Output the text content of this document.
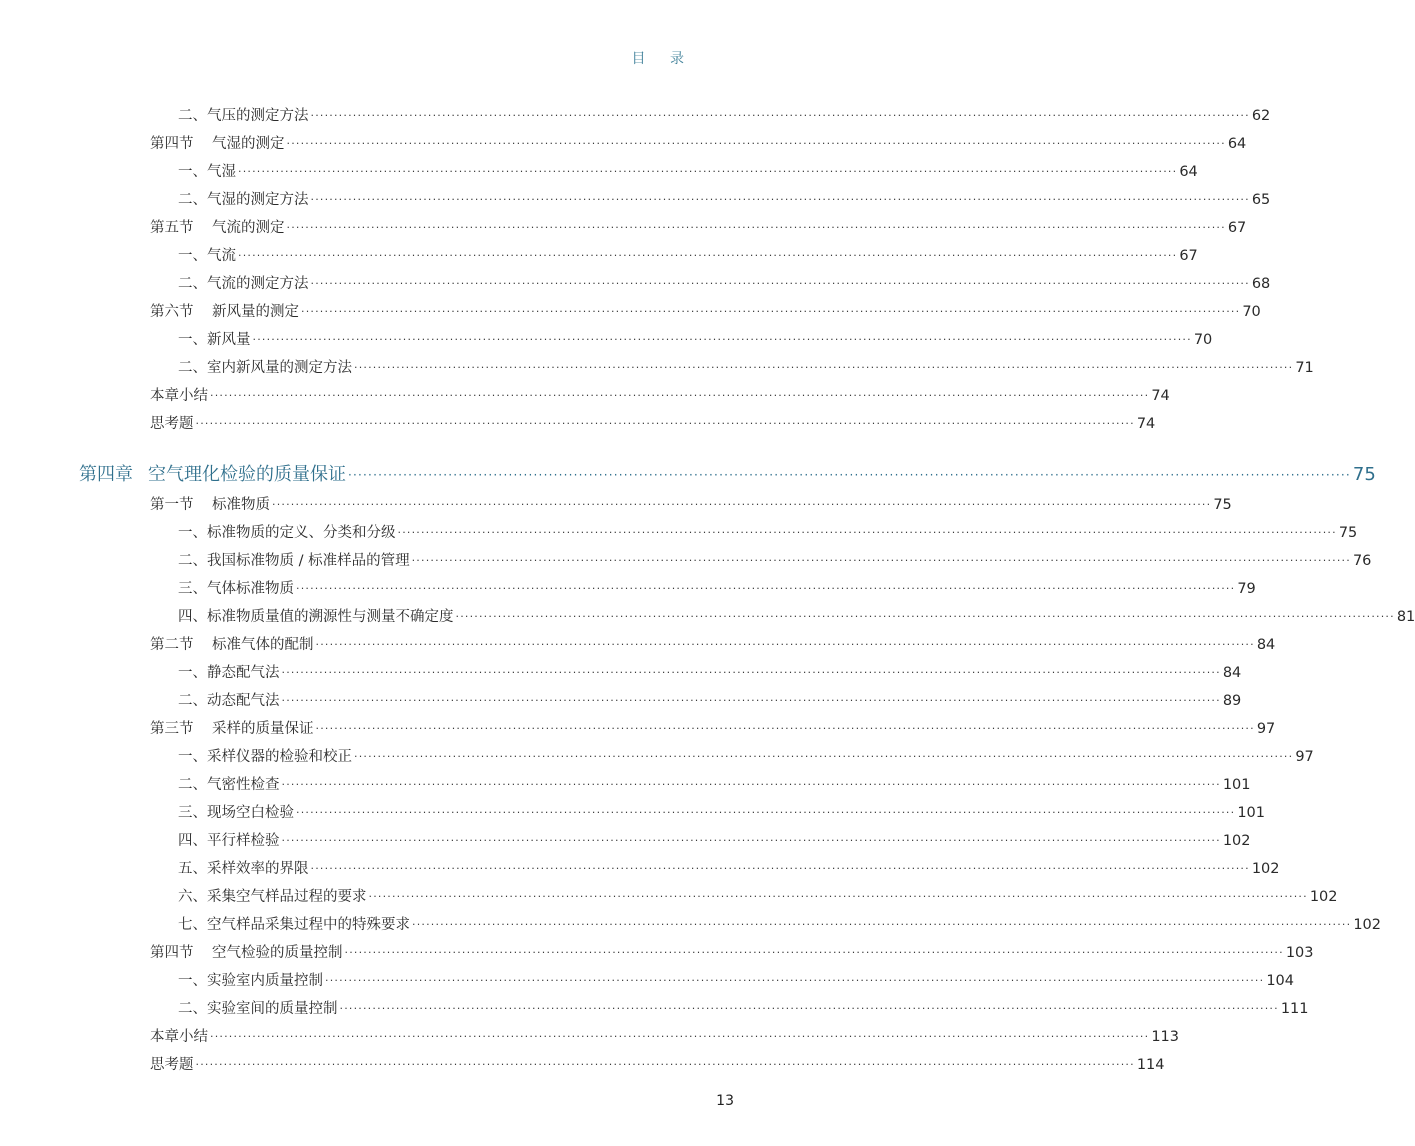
目 录
二、气压的测定方法 ········································································································································································································ 62
第四节 气湿的测定 ········································································································································································································ 64
一、气湿 ········································································································································································································ 64
二、气湿的测定方法 ········································································································································································································ 65
第五节 气流的测定 ········································································································································································································ 67
一、气流 ········································································································································································································ 67
二、气流的测定方法 ········································································································································································································ 68
第六节 新风量的测定 ········································································································································································································ 70
一、新风量 ········································································································································································································ 70
二、室内新风量的测定方法 ········································································································································································································ 71
本章小结 ········································································································································································································ 74
思考题 ········································································································································································································ 74
第四章 空气理化检验的质量保证 ········································································································································································································ 75
第一节 标准物质 ········································································································································································································ 75
一、标准物质的定义、分类和分级 ········································································································································································································ 75
二、我国标准物质 / 标准样品的管理 ········································································································································································································ 76
三、气体标准物质 ········································································································································································································ 79
四、标准物质量值的溯源性与测量不确定度 ········································································································································································································ 81
第二节 标准气体的配制 ········································································································································································································ 84
一、静态配气法 ········································································································································································································ 84
二、动态配气法 ········································································································································································································ 89
第三节 采样的质量保证 ········································································································································································································ 97
一、采样仪器的检验和校正 ········································································································································································································ 97
二、气密性检查 ········································································································································································································ 101
三、现场空白检验 ········································································································································································································ 101
四、平行样检验 ········································································································································································································ 102
五、采样效率的界限 ········································································································································································································ 102
六、采集空气样品过程的要求 ········································································································································································································ 102
七、空气样品采集过程中的特殊要求 ········································································································································································································ 102
第四节 空气检验的质量控制 ········································································································································································································ 103
一、实验室内质量控制 ········································································································································································································ 104
二、实验室间的质量控制 ········································································································································································································ 111
本章小结 ········································································································································································································ 113
思考题 ········································································································································································································ 114
13
